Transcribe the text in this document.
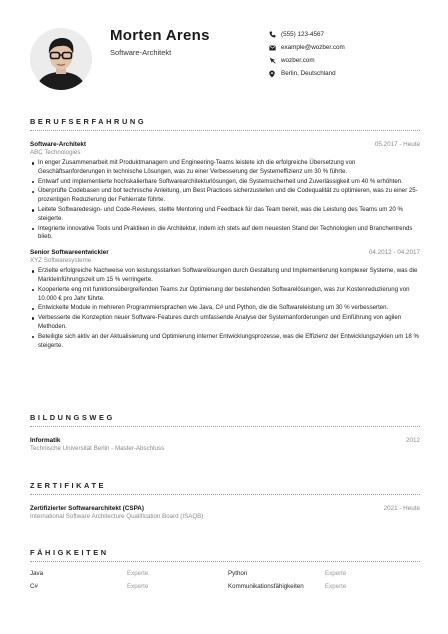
Morten Arens
Software-Architekt
(555) 123-4567
example@wozber.com
wozber.com
Berlin, Deutschland
BERUFSERFAHRUNG
Software-Architekt	05.2017 - Heute
ABC Technologies
In enger Zusammenarbeit mit Produktmanagern und Engineering-Teams leistete ich die erfolgreiche Übersetzung von Geschäftsanforderungen in technische Lösungen, was zu einer Verbesserung der Systemeffizienz um 30 % führte.
Entwarf und implementierte hochskalierbare Softwarearchitekturlösungen, die Systemsicherheit und Zuverlässigkeit um 40 % erhöhten.
Überprüfte Codebasen und bot technische Anleitung, um Best Practices sicherzustellen und die Codequalität zu optimieren, was zu einer 25-prozentigen Reduzierung der Fehlerrate führte.
Leitete Softwaredesign- und Code-Reviews, stellte Mentoring und Feedback für das Team bereit, was die Leistung des Teams um 20 % steigerte.
Integrierte innovative Tools und Praktiken in die Architektur, indem ich stets auf dem neuesten Stand der Technologien und Branchentrends blieb.
Senior Softwareentwickler	04.2012 - 04.2017
XYZ Softwaresysteme
Erzielte erfolgreiche Nachweise von leistungsstarken Softwarelösungen durch Gestaltung und Implementierung komplexer Systeme, was die Markteinführungszeit um 15 % verringerte.
Kooperierte eng mit funktionsübergreifenden Teams zur Optimierung der bestehenden Softwarelösungen, was zur Kostenreduzierung von 10.000 € pro Jahr führte.
Entwickelte Module in mehreren Programmiersprachen wie Java, C# und Python, die die Softwareleistung um 30 % verbesserten.
Verbesserte die Konzeption neuer Software-Features durch umfassende Analyse der Systemanforderungen und Einführung von agilen Methoden.
Beteiligte sich aktiv an der Aktualisierung und Optimierung interner Entwicklungsprozesse, was die Effizienz der Entwicklungszyklen um 18 % steigerte.
BILDUNGSWEG
Informatik	2012
Technische Universität Berlin - Master-Abschluss
ZERTIFIKATE
Zertifizierter Softwarearchitekt (CSPA)	2021 - Heute
International Software Architecture Qualification Board (ISAQB)
FÄHIGKEITEN
Java	Experte	Python	Experte
C#	Experte	Kommunikationsfähigkeiten	Experte
